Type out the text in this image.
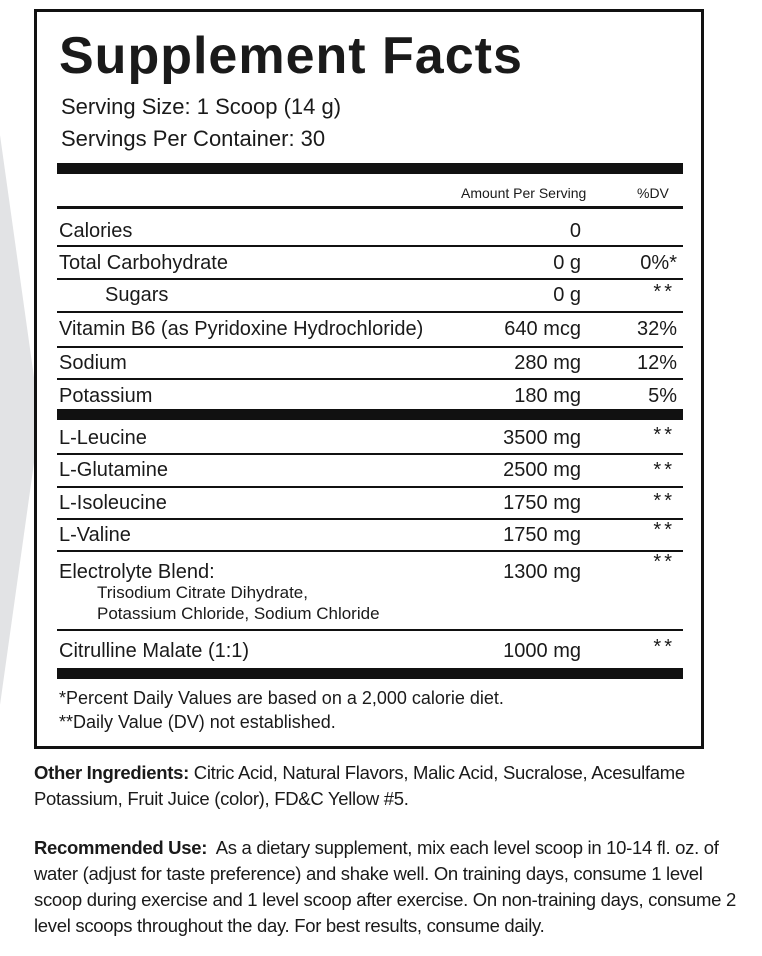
Supplement Facts
Serving Size: 1 Scoop (14 g)
Servings Per Container: 30
Amount Per Serving	%DV
Calories	0
Total Carbohydrate	0 g	0%*
Sugars	0 g	**
Vitamin B6 (as Pyridoxine Hydrochloride)	640 mcg	32%
Sodium	280 mg	12%
Potassium	180 mg	5%
L-Leucine	3500 mg	**
L-Glutamine	2500 mg	**
L-Isoleucine	1750 mg	**
L-Valine	1750 mg	**
Electrolyte Blend:	1300 mg	**
Trisodium Citrate Dihydrate,
Potassium Chloride, Sodium Chloride
Citrulline Malate (1:1)	1000 mg	**
*Percent Daily Values are based on a 2,000 calorie diet.
**Daily Value (DV) not established.
Other Ingredients: Citric Acid, Natural Flavors, Malic Acid, Sucralose, Acesulfame Potassium, Fruit Juice (color), FD&C Yellow #5.
Recommended Use:  As a dietary supplement, mix each level scoop in 10-14 fl. oz. of water (adjust for taste preference) and shake well. On training days, consume 1 level scoop during exercise and 1 level scoop after exercise. On non-training days, consume 2 level scoops throughout the day. For best results, consume daily.
